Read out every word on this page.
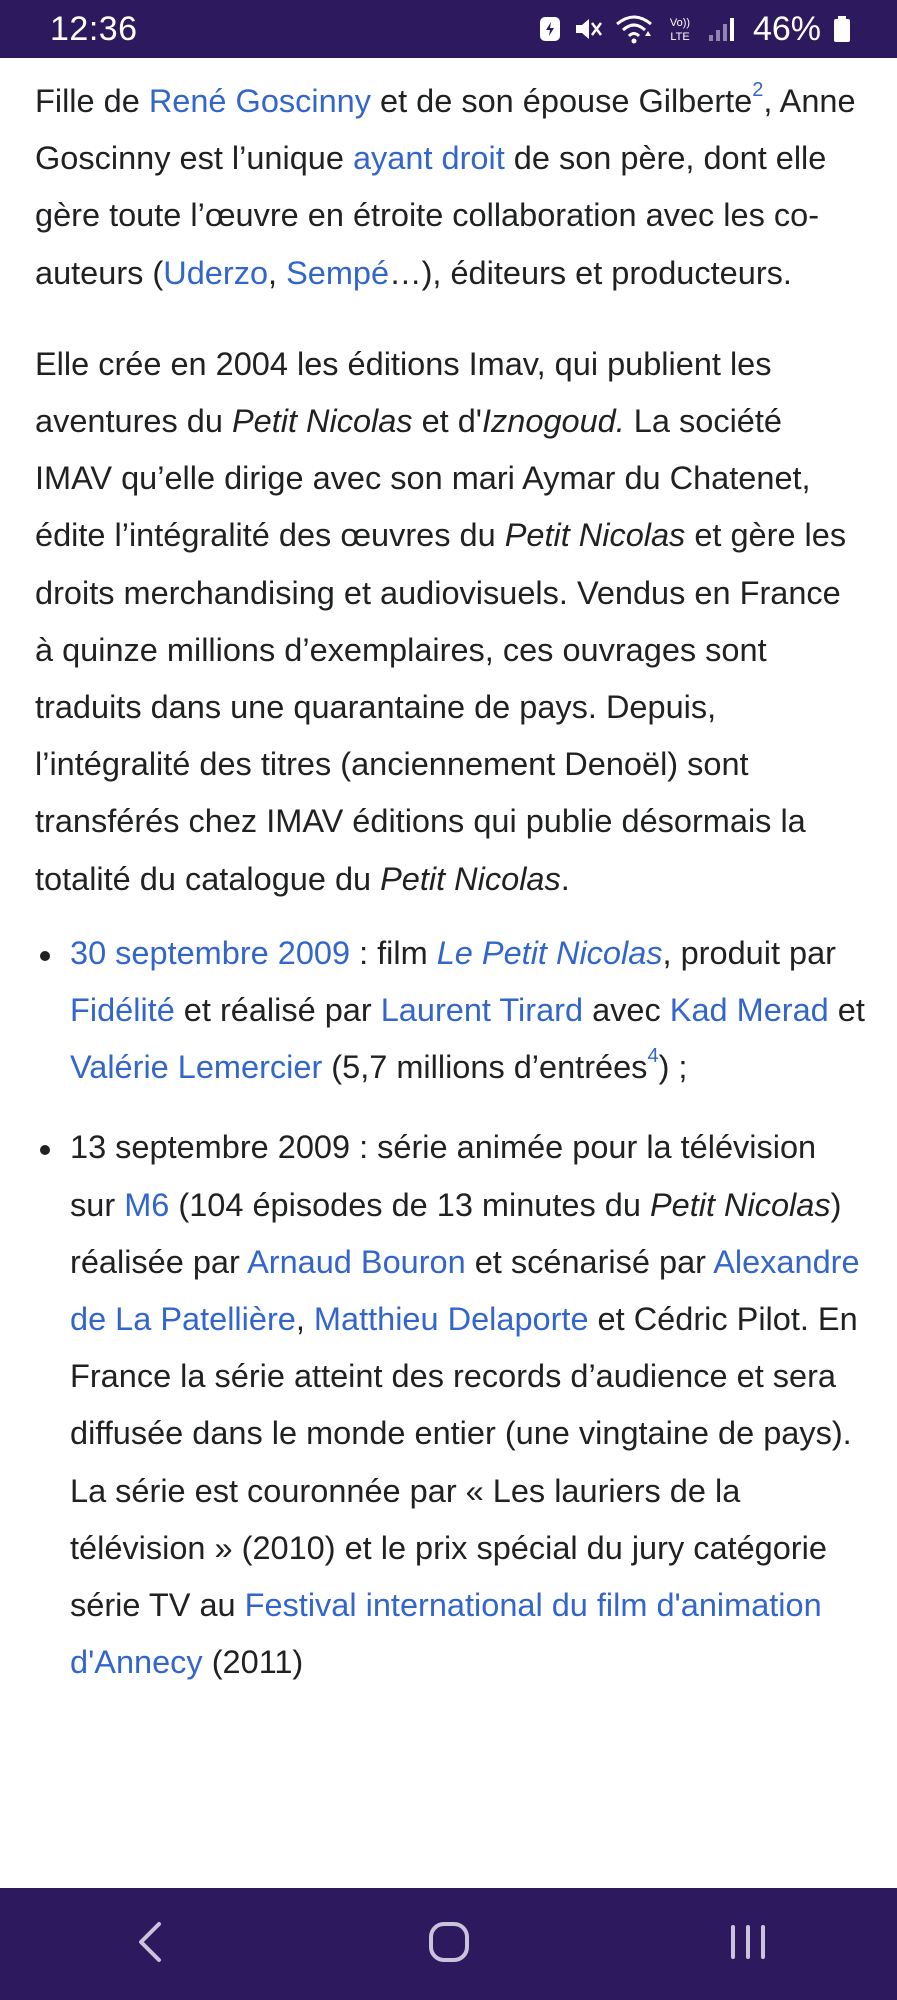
12:36	Vo))
LTE 46%

Fille de René Goscinny et de son épouse Gilberte$^2$, Anne Goscinny est l’unique ayant droit de son père, dont elle gère toute l’œuvre en étroite collaboration avec les co-auteurs (Uderzo, Sempé…), éditeurs et producteurs.

Elle crée en 2004 les éditions Imav, qui publient les aventures du Petit Nicolas et d'Iznogoud. La société IMAV qu’elle dirige avec son mari Aymar du Chatenet, édite l’intégralité des œuvres du Petit Nicolas et gère les droits merchandising et audiovisuels. Vendus en France à quinze millions d’exemplaires, ces ouvrages sont traduits dans une quarantaine de pays. Depuis, l’intégralité des titres (anciennement Denoël) sont transférés chez IMAV éditions qui publie désormais la totalité du catalogue du Petit Nicolas.

30 septembre 2009 : film Le Petit Nicolas, produit par Fidélité et réalisé par Laurent Tirard avec Kad Merad et Valérie Lemercier (5,7 millions d’entrées$^4$) ;
13 septembre 2009 : série animée pour la télévision sur M6 (104 épisodes de 13 minutes du Petit Nicolas) réalisée par Arnaud Bouron et scénarisé par Alexandre de La Patellière, Matthieu Delaporte et Cédric Pilot. En France la série atteint des records d’audience et sera diffusée dans le monde entier (une vingtaine de pays). La série est couronnée par « Les lauriers de la télévision » (2010) et le prix spécial du jury catégorie série TV au Festival international du film d'animation d'Annecy (2011)
